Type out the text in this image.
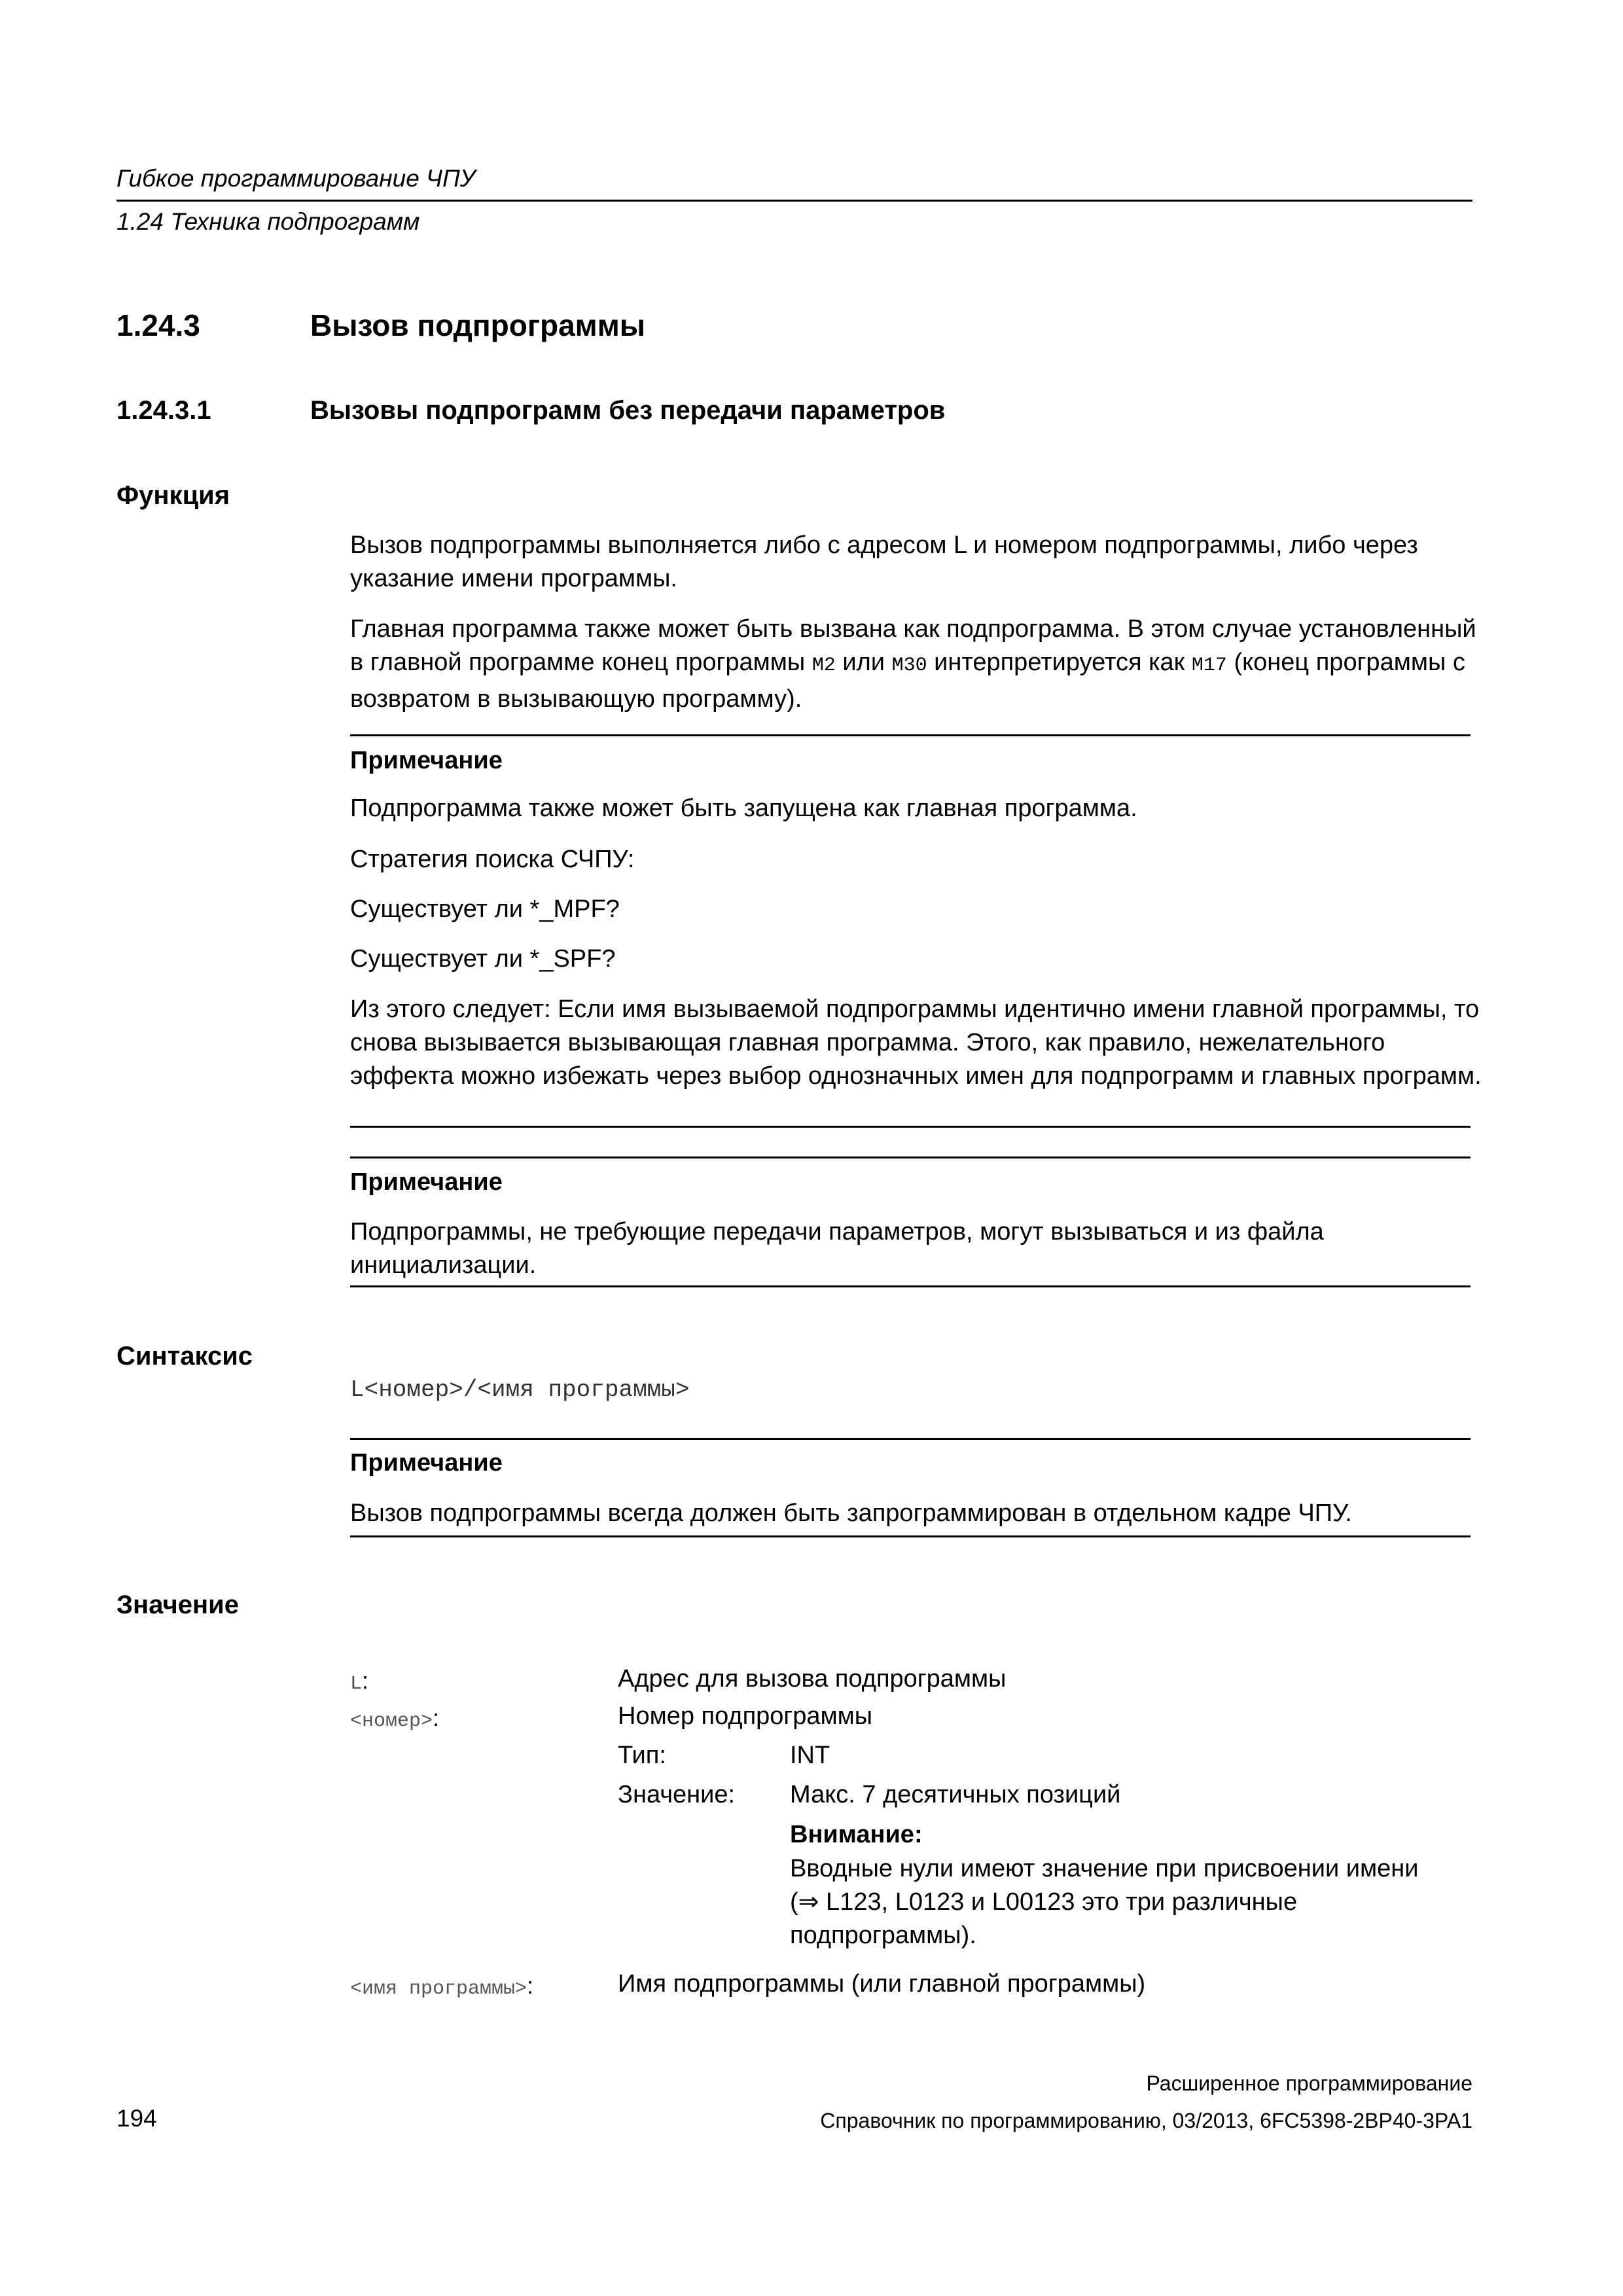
Гибкое программирование ЧПУ
1.24 Техника подпрограмм
1.24.3	Вызов подпрограммы
1.24.3.1	Вызовы подпрограмм без передачи параметров
Функция

Вызов подпрограммы выполняется либо с адресом L и номером подпрограммы, либо через указание имени программы.

Главная программа также может быть вызвана как подпрограмма. В этом случае установленный в главной программе конец программы M2 или M30 интерпретируется как M17 (конец программы с возвратом в вызывающую программу).

Примечание

Подпрограмма также может быть запущена как главная программа.

Стратегия поиска СЧПУ:

Существует ли *_MPF?

Существует ли *_SPF?

Из этого следует: Если имя вызываемой подпрограммы идентично имени главной программы, то снова вызывается вызывающая главная программа. Этого, как правило, нежелательного эффекта можно избежать через выбор однозначных имен для подпрограмм и главных программ.

Примечание

Подпрограммы, не требующие передачи параметров, могут вызываться и из файла инициализации.

Синтаксис
L<номер>/<имя программы>
Примечание

Вызов подпрограммы всегда должен быть запрограммирован в отдельном кадре ЧПУ.

Значение
L:	Адрес для вызова подпрограммы
<номер>:	Номер подпрограммы
Тип:	INT
Значение: Макс. 7 десятичных позиций
Внимание:
Вводные нули имеют значение при присвоении имени (⇒ L123, L0123 и L00123 это три различные подпрограммы).
<имя программы>:	Имя подпрограммы (или главной программы)
Расширенное программирование
194	Справочник по программированию, 03/2013, 6FC5398-2BP40-3PA1
